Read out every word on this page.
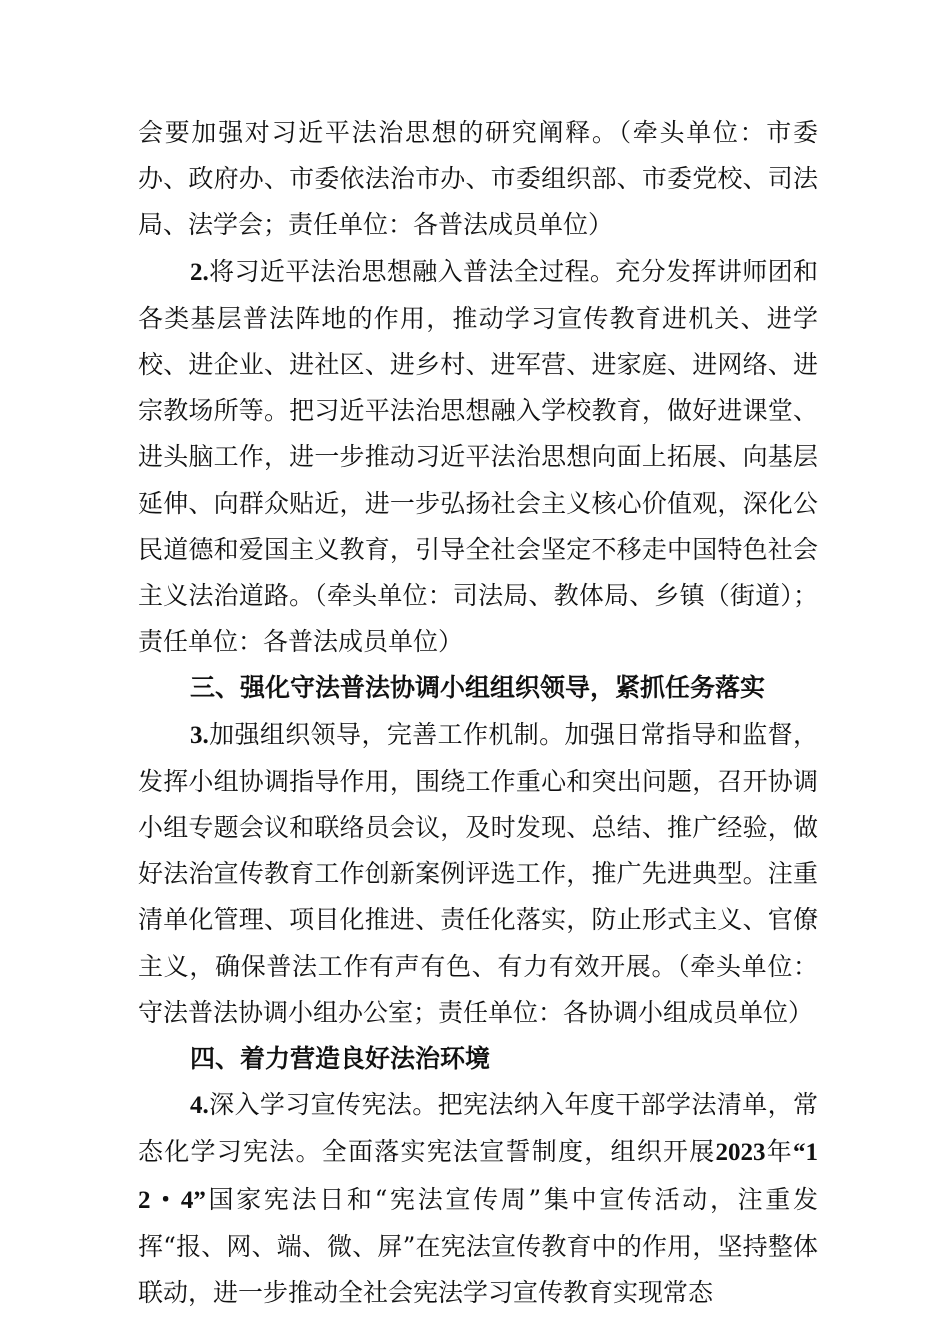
会要加强对习近平法治思想的研究阐释。（牵头单位：市委办、政府办、市委依法治市办、市委组织部、市委党校、司法局、法学会；责任单位：各普法成员单位）

2.将习近平法治思想融入普法全过程。充分发挥讲师团和各类基层普法阵地的作用，推动学习宣传教育进机关、进学校、进企业、进社区、进乡村、进军营、进家庭、进网络、进宗教场所等。把习近平法治思想融入学校教育，做好进课堂、进头脑工作，进一步推动习近平法治思想向面上拓展、向基层延伸、向群众贴近，进一步弘扬社会主义核心价值观，深化公民道德和爱国主义教育，引导全社会坚定不移走中国特色社会主义法治道路。（牵头单位：司法局、教体局、乡镇（街道）；责任单位：各普法成员单位）

三、强化守法普法协调小组组织领导，紧抓任务落实

3.加强组织领导，完善工作机制。加强日常指导和监督，发挥小组协调指导作用，围绕工作重心和突出问题，召开协调小组专题会议和联络员会议，及时发现、总结、推广经验，做好法治宣传教育工作创新案例评选工作，推广先进典型。注重清单化管理、项目化推进、责任化落实，防止形式主义、官僚主义，确保普法工作有声有色、有力有效开展。（牵头单位：守法普法协调小组办公室；责任单位：各协调小组成员单位）

四、着力营造良好法治环境

4.深入学习宣传宪法。把宪法纳入年度干部学法清单，常态化学习宪法。全面落实宪法宣誓制度，组织开展2023年“12・4”国家宪法日和“宪法宣传周”集中宣传活动，注重发挥“报、网、端、微、屏”在宪法宣传教育中的作用，坚持整体联动，进一步推动全社会宪法学习宣传教育实现常态
